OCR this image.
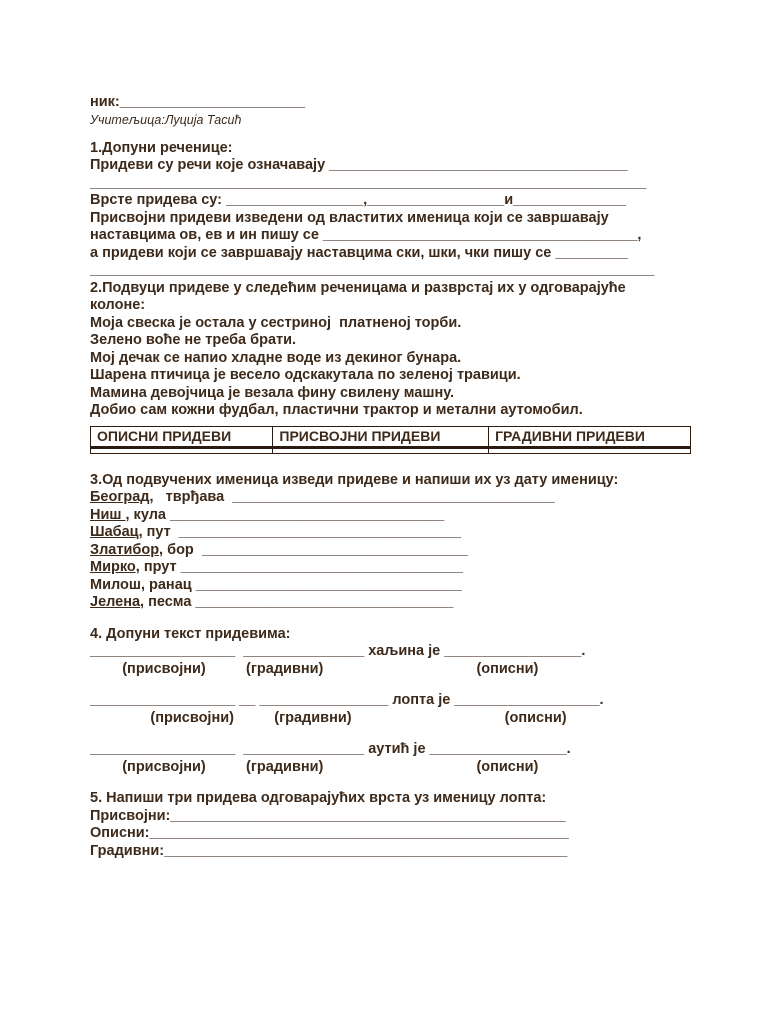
ник:_______________________
Учитељица:Луција Тасић
1.Допуни реченице:
Придеви су речи које означавају _____________________________________
_____________________________________________________________________
Врсте придева су: _________________,_________________и______________
Присвојни придеви изведени од властитих именица који се завршавају
наставцима ов, ев и ин пишу се _______________________________________,
а придеви који се завршавају наставцима ски, шки, чки пишу се _________
______________________________________________________________________
2.Подвуци придеве у следећим реченицама и разврстај их у одговарајуће
колоне:
Моја свеска је остала у сестриној  платненој торби.
Зелено воће не треба брати.
Мој дечак се напио хладне воде из декиног бунара.
Шарена птичица је весело одскакутала по зеленој травици.
Мамина девојчица је везала фину свилену машну.
Добио сам кожни фудбал, пластични трактор и метални аутомобил.
ОПИСНИ ПРИДЕВИ	ПРИСВОЈНИ ПРИДЕВИ	ГРАДИВНИ ПРИДЕВИ

3.Од подвучених именица изведи придеве и напиши их уз дату именицу:
Београд,   тврђава  ________________________________________
Ниш , кула __________________________________
Шабац, пут  ___________________________________
Златибор, бор  _________________________________
Мирко, прут ___________________________________
Милош, ранац _________________________________
Јелена, песма ________________________________
4. Допуни текст придевима:
__________________  _______________ хаљина је _________________.
(присвојни)          (градивни)                                      (описни)
__________________ __ ________________ лопта је __________________.
(присвојни)          (градивни)                                      (описни)
__________________  _______________ аутић је _________________.
(присвојни)          (градивни)                                      (описни)
5. Напиши три придева одговарајућих врста уз именицу лопта:
Присвојни:_________________________________________________
Описни:____________________________________________________
Градивни:__________________________________________________
